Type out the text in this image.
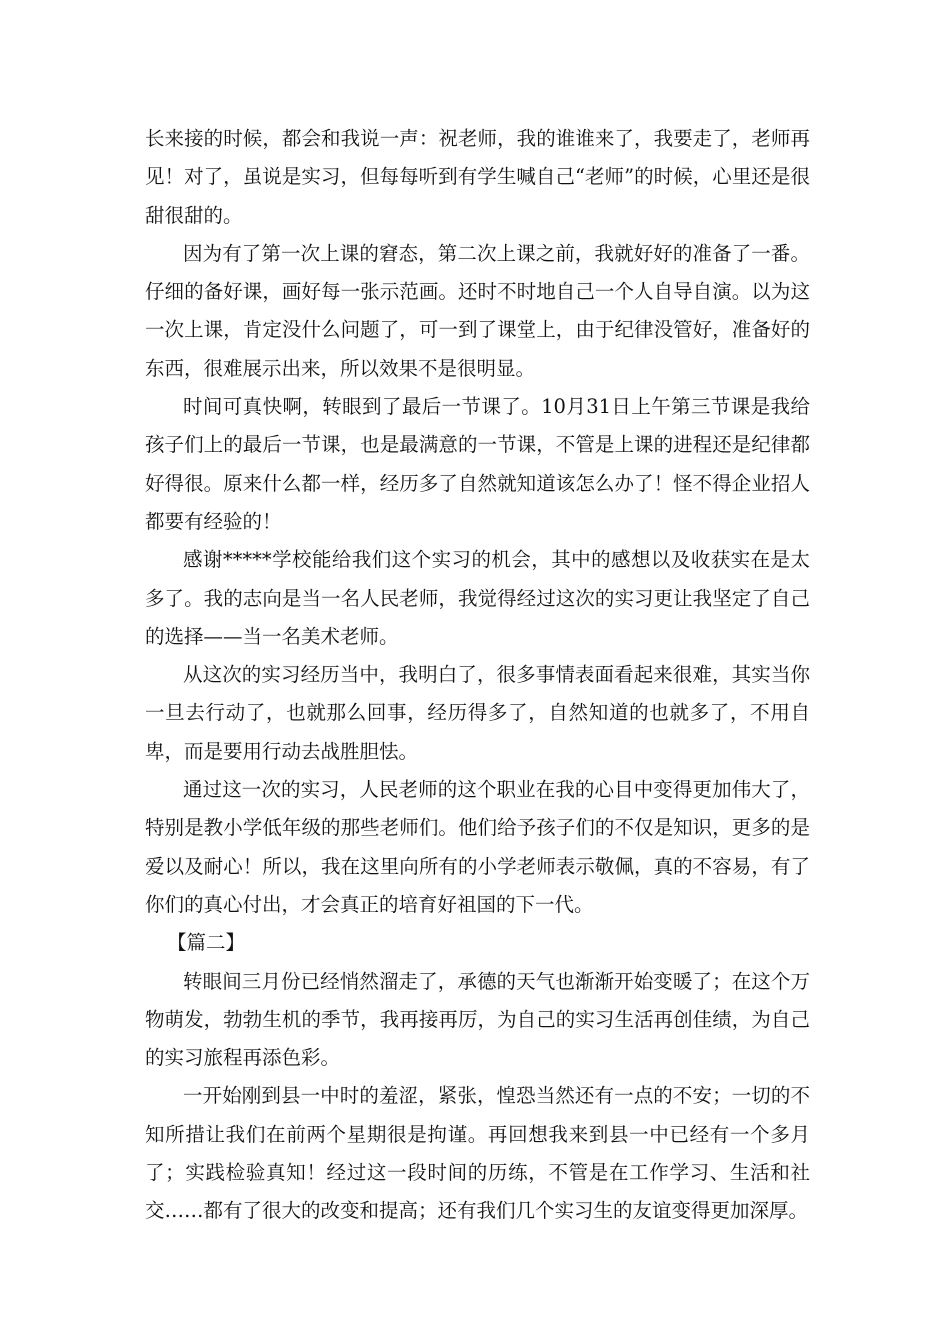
长来接的时候，都会和我说一声：祝老师，我的谁谁来了，我要走了，老师再见！对了，虽说是实习，但每每听到有学生喊自己“老师”的时候，心里还是很甜很甜的。

因为有了第一次上课的窘态，第二次上课之前，我就好好的准备了一番。仔细的备好课，画好每一张示范画。还时不时地自己一个人自导自演。以为这一次上课，肯定没什么问题了，可一到了课堂上，由于纪律没管好，准备好的东西，很难展示出来，所以效果不是很明显。

时间可真快啊，转眼到了最后一节课了。10月31日上午第三节课是我给孩子们上的最后一节课，也是最满意的一节课，不管是上课的进程还是纪律都好得很。原来什么都一样，经历多了自然就知道该怎么办了！怪不得企业招人都要有经验的！

感谢*****学校能给我们这个实习的机会，其中的感想以及收获实在是太多了。我的志向是当一名人民老师，我觉得经过这次的实习更让我坚定了自己的选择——当一名美术老师。

从这次的实习经历当中，我明白了，很多事情表面看起来很难，其实当你一旦去行动了，也就那么回事，经历得多了，自然知道的也就多了，不用自卑，而是要用行动去战胜胆怯。

通过这一次的实习，人民老师的这个职业在我的心目中变得更加伟大了，特别是教小学低年级的那些老师们。他们给予孩子们的不仅是知识，更多的是爱以及耐心！所以，我在这里向所有的小学老师表示敬佩，真的不容易，有了你们的真心付出，才会真正的培育好祖国的下一代。

【篇二】

转眼间三月份已经悄然溜走了，承德的天气也渐渐开始变暖了；在这个万物萌发，勃勃生机的季节，我再接再厉，为自己的实习生活再创佳绩，为自己的实习旅程再添色彩。

一开始刚到县一中时的羞涩，紧张，惶恐当然还有一点的不安；一切的不知所措让我们在前两个星期很是拘谨。再回想我来到县一中已经有一个多月了；实践检验真知！经过这一段时间的历练，不管是在工作学习、生活和社交……都有了很大的改变和提高；还有我们几个实习生的友谊变得更加深厚。
